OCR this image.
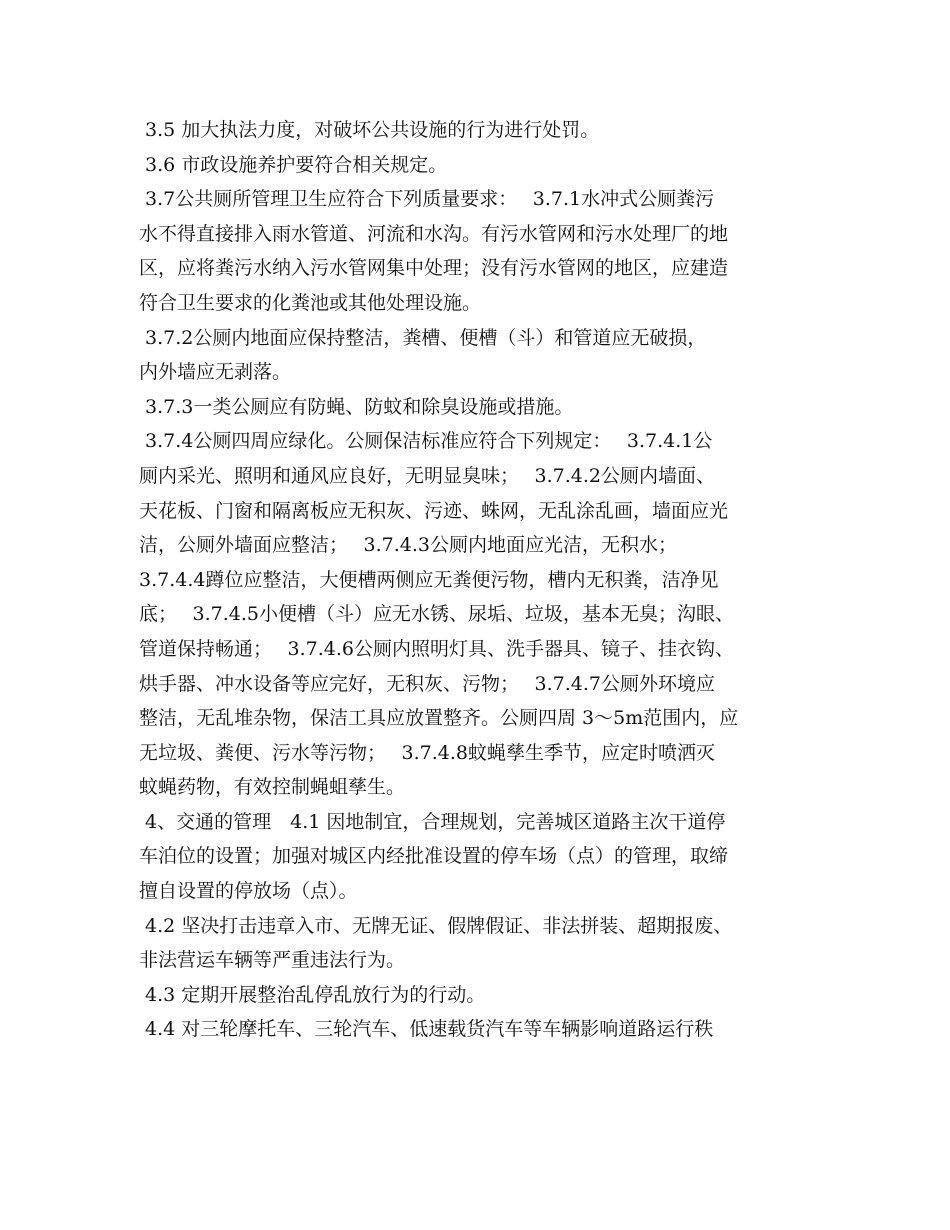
3.5 加大执法力度，对破坏公共设施的行为进行处罚。
3.6 市政设施养护要符合相关规定。
3.7公共厕所管理卫生应符合下列质量要求：　 3.7.1水冲式公厕粪污
水不得直接排入雨水管道、河流和水沟。有污水管网和污水处理厂的地
区，应将粪污水纳入污水管网集中处理；没有污水管网的地区，应建造
符合卫生要求的化粪池或其他处理设施。
3.7.2公厕内地面应保持整洁，粪槽、便槽（斗）和管道应无破损，
内外墙应无剥落。
3.7.3一类公厕应有防蝇、防蚊和除臭设施或措施。
3.7.4公厕四周应绿化。公厕保洁标准应符合下列规定：　 3.7.4.1公
厕内采光、照明和通风应良好，无明显臭味；　 3.7.4.2公厕内墙面、
天花板、门窗和隔离板应无积灰、污迹、蛛网，无乱涂乱画，墙面应光
洁，公厕外墙面应整洁；　 3.7.4.3公厕内地面应光洁，无积水；　
3.7.4.4蹲位应整洁，大便槽两侧应无粪便污物，槽内无积粪，洁净见
底；　 3.7.4.5小便槽（斗）应无水锈、尿垢、垃圾，基本无臭；沟眼、
管道保持畅通；　 3.7.4.6公厕内照明灯具、洗手器具、镜子、挂衣钩、
烘手器、冲水设备等应完好，无积灰、污物；　 3.7.4.7公厕外环境应
整洁，无乱堆杂物，保洁工具应放置整齐。公厕四周 3～5m范围内，应
无垃圾、粪便、污水等污物；　 3.7.4.8蚊蝇孳生季节，应定时喷洒灭
蚊蝇药物，有效控制蝇蛆孳生。
4、交通的管理　4.1 因地制宜，合理规划，完善城区道路主次干道停
车泊位的设置；加强对城区内经批准设置的停车场（点）的管理，取缔
擅自设置的停放场（点）。
4.2 坚决打击违章入市、无牌无证、假牌假证、非法拼装、超期报废、
非法营运车辆等严重违法行为。
4.3 定期开展整治乱停乱放行为的行动。
4.4 对三轮摩托车、三轮汽车、低速载货汽车等车辆影响道路运行秩
